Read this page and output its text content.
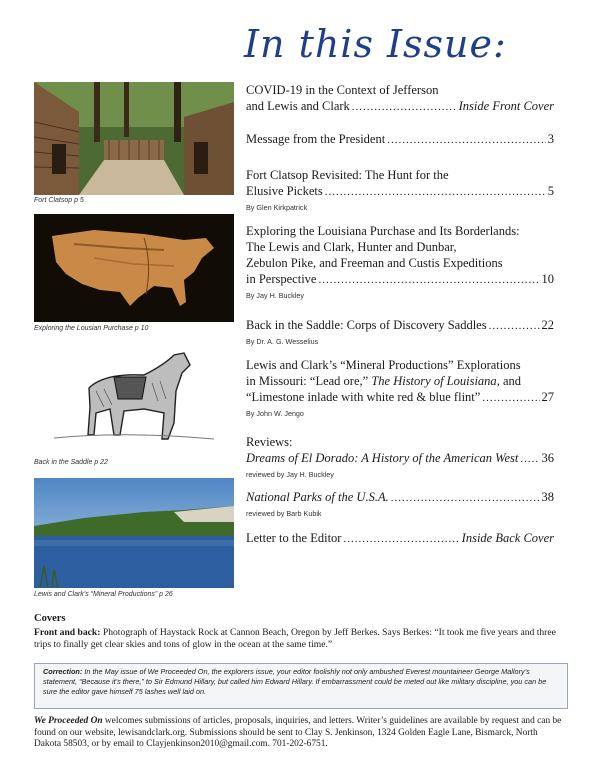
In this Issue:
Fort Clatsop p 5
Exploring the Lousian Purchase p 10
Back in the Saddle p 22
Lewis and Clark’s “Mineral Productions” p 26
COVID-19 in the Context of Jefferson
and Lewis and Clark .....	Inside Front Cover
Message from the President .....	3
Fort Clatsop Revisited: The Hunt for the
Elusive Pickets .....	5
By Glen Kirkpatrick
Exploring the Louisiana Purchase and Its Borderlands:
The Lewis and Clark, Hunter and Dunbar,
Zebulon Pike, and Freeman and Custis Expeditions
in Perspective .....	10
By Jay H. Buckley
Back in the Saddle: Corps of Discovery Saddles .....	22
By Dr. A. G. Wesselius
Lewis and Clark’s “Mineral Productions” Explorations
in Missouri: “Lead ore,” The History of Louisiana, and
“Limestone inlade with white red & blue flint” .....	27
By John W. Jengo
Reviews:
Dreams of El Dorado: A History of the American West ..... 36
reviewed by Jay H. Buckley
National Parks of the U.S.A. .....	38
reviewed by Barb Kubik
Letter to the Editor .....	Inside Back Cover
Covers
Front and back: Photograph of Haystack Rock at Cannon Beach, Oregon by Jeff Berkes. Says Berkes: “It took me five years and three trips to finally get clear skies and tons of glow in the ocean at the same time.”
Correction: In the May issue of We Proceeded On, the explorers issue, your editor foolishly not only ambushed Everest mountaineer George Mallory’s statement, “Because it’s there,” to Sir Edmund Hillary, but called him Edward Hillary. If embarrassment could be meted out like military discipline, you can be sure the editor gave himself 75 lashes well laid on.
We Proceeded On welcomes submissions of articles, proposals, inquiries, and letters. Writer’s guidelines are available by request and can be found on our website, lewisandclark.org. Submissions should be sent to Clay S. Jenkinson, 1324 Golden Eagle Lane, Bismarck, North Dakota 58503, or by email to Clayjenkinson2010@gmail.com. 701-202-6751.
